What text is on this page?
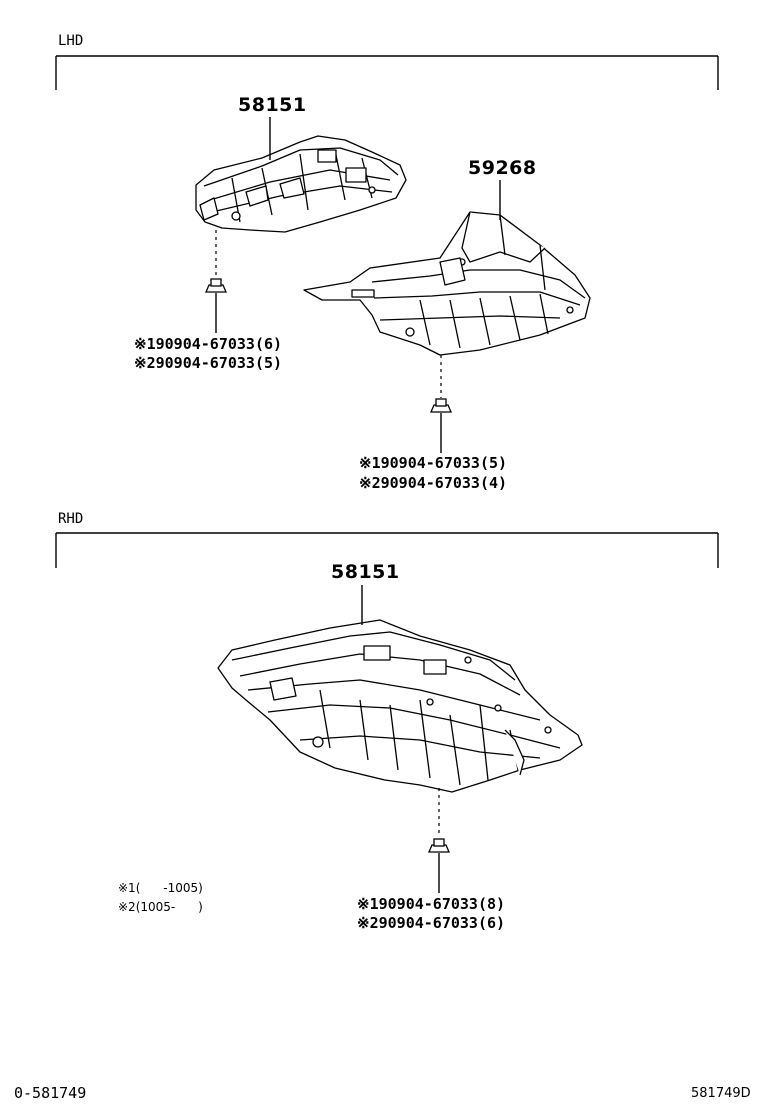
LHD
RHD
58151
59268
58151
※190904-67033(6)
※290904-67033(5)
※190904-67033(5)
※290904-67033(4)
※190904-67033(8)
※290904-67033(6)
※1(      -1005)
※2(1005-      )
0-581749	581749D
